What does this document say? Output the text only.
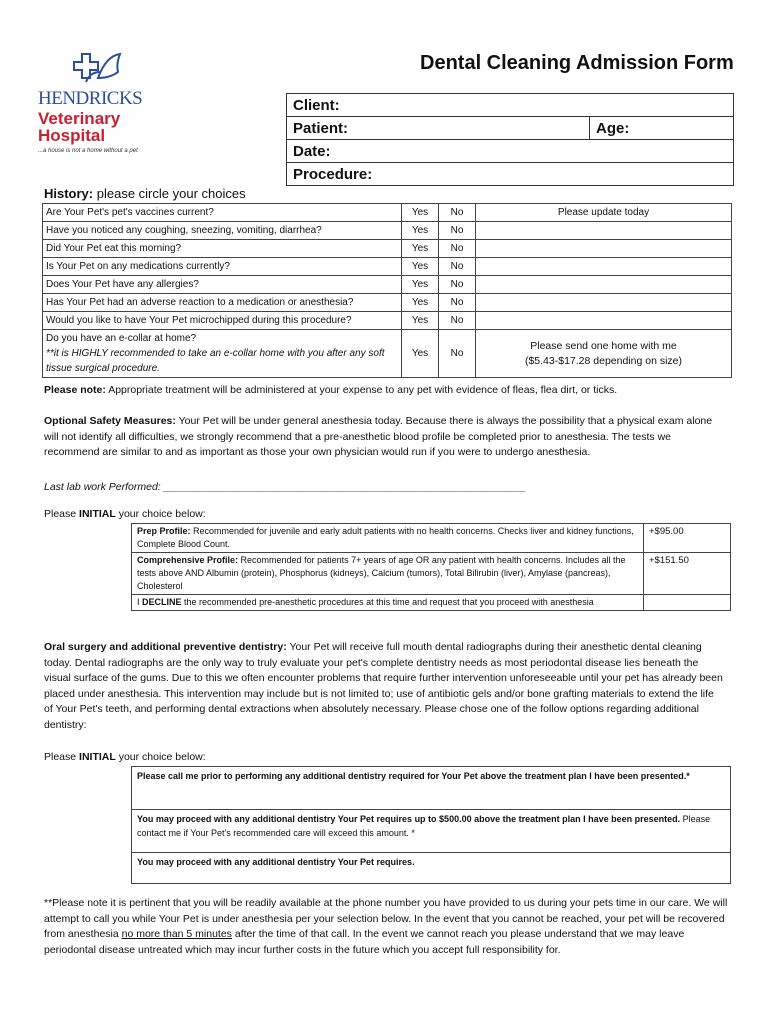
HENDRICKS
Veterinary
Hospital
...a house is not a home without a pet
Dental Cleaning Admission Form
Client:
Patient:	Age:
Date:
Procedure:
History: please circle your choices
Are Your Pet's pet's vaccines current?	Yes	No	Please update today
Have you noticed any coughing, sneezing, vomiting, diarrhea?	Yes	No	
Did Your Pet eat this morning?	Yes	No	
Is Your Pet on any medications currently?	Yes	No	
Does Your Pet have any allergies?	Yes	No	
Has Your Pet had an adverse reaction to a medication or anesthesia?	Yes	No	
Would you like to have Your Pet microchipped during this procedure?	Yes	No	
Do you have an e-collar at home?
**it is HIGHLY recommended to take an e-collar home with you after any soft tissue surgical procedure.	Yes	No	Please send one home with me
($5.43-$17.28 depending on size)
Please note: Appropriate treatment will be administered at your expense to any pet with evidence of fleas, flea dirt, or ticks.
Optional Safety Measures: Your Pet will be under general anesthesia today. Because there is always the possibility that a physical exam alone will not identify all difficulties, we strongly recommend that a pre-anesthetic blood profile be completed prior to anesthesia. The tests we recommend are similar to and as important as those your own physician would run if you were to undergo anesthesia.
Last lab work Performed: ______________________________________________________________
Please INITIAL your choice below:
Prep Profile: Recommended for juvenile and early adult patients with no health concerns. Checks liver and kidney functions, Complete Blood Count.	+$95.00
Comprehensive Profile: Recommended for patients 7+ years of age OR any patient with health concerns. Includes all the tests above AND Albumin (protein), Phosphorus (kidneys), Calcium (tumors), Total Bilirubin (liver), Amylase (pancreas), Cholesterol	+$151.50
I DECLINE the recommended pre-anesthetic procedures at this time and request that you proceed with anesthesia	
Oral surgery and additional preventive dentistry: Your Pet will receive full mouth dental radiographs during their anesthetic dental cleaning today. Dental radiographs are the only way to truly evaluate your pet's complete dentistry needs as most periodontal disease lies beneath the visual surface of the gums. Due to this we often encounter problems that require further intervention unforeseeable until your pet has already been placed under anesthesia. This intervention may include but is not limited to; use of antibiotic gels and/or bone grafting materials to extend the life of Your Pet's teeth, and performing dental extractions when absolutely necessary. Please chose one of the follow options regarding additional dentistry:
Please INITIAL your choice below:
Please call me prior to performing any additional dentistry required for Your Pet above the treatment plan I have been presented.*
You may proceed with any additional dentistry Your Pet requires up to $500.00 above the treatment plan I have been presented. Please contact me if Your Pet's recommended care will exceed this amount. *
You may proceed with any additional dentistry Your Pet requires.
**Please note it is pertinent that you will be readily available at the phone number you have provided to us during your pets time in our care. We will attempt to call you while Your Pet is under anesthesia per your selection below. In the event that you cannot be reached, your pet will be recovered from anesthesia no more than 5 minutes after the time of that call. In the event we cannot reach you please understand that we may leave periodontal disease untreated which may incur further costs in the future which you accept full responsibility for.
